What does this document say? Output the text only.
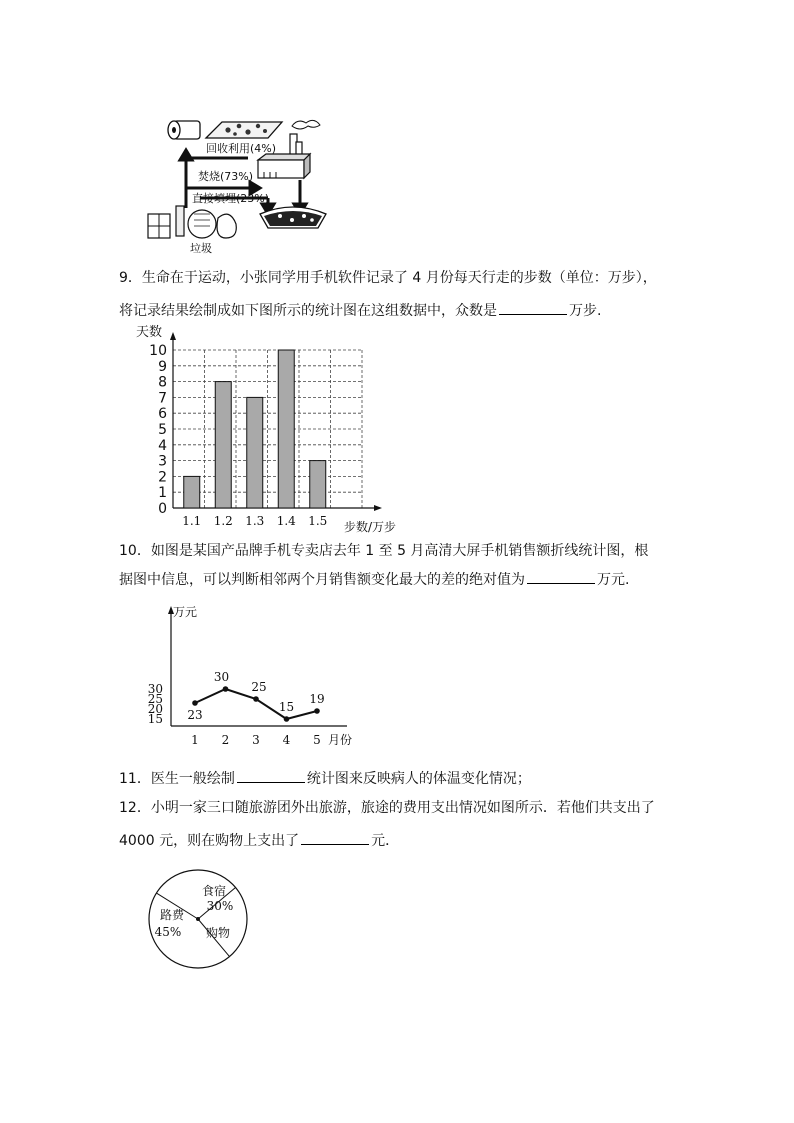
回收利用(4%)
焚烧(73%)
直接填埋(23%)
垃圾
9．生命在于运动，小张同学用手机软件记录了 4 月份每天行走的步数（单位：万步），
将记录结果绘制成如下图所示的统计图在这组数据中，众数是	万步.
0
1
2
3
4
5
6
7
8
9
10
天数
1.1 1.2 1.3 1.4 1.5 步数/万步
10．如图是某国产品牌手机专卖店去年 1 至 5 月高清大屏手机销售额折线统计图，根
据图中信息，可以判断相邻两个月销售额变化最大的差的绝对值为	万元.
万元
15
20
25
30
1 2 3 4 5 月份
23
30
25
15
19
11．医生一般绘制	统计图来反映病人的体温变化情况；
12．小明一家三口随旅游团外出旅游，旅途的费用支出情况如图所示．若他们共支出了
4000 元，则在购物上支出了	元．
食宿
30%
购物
路费
45%
